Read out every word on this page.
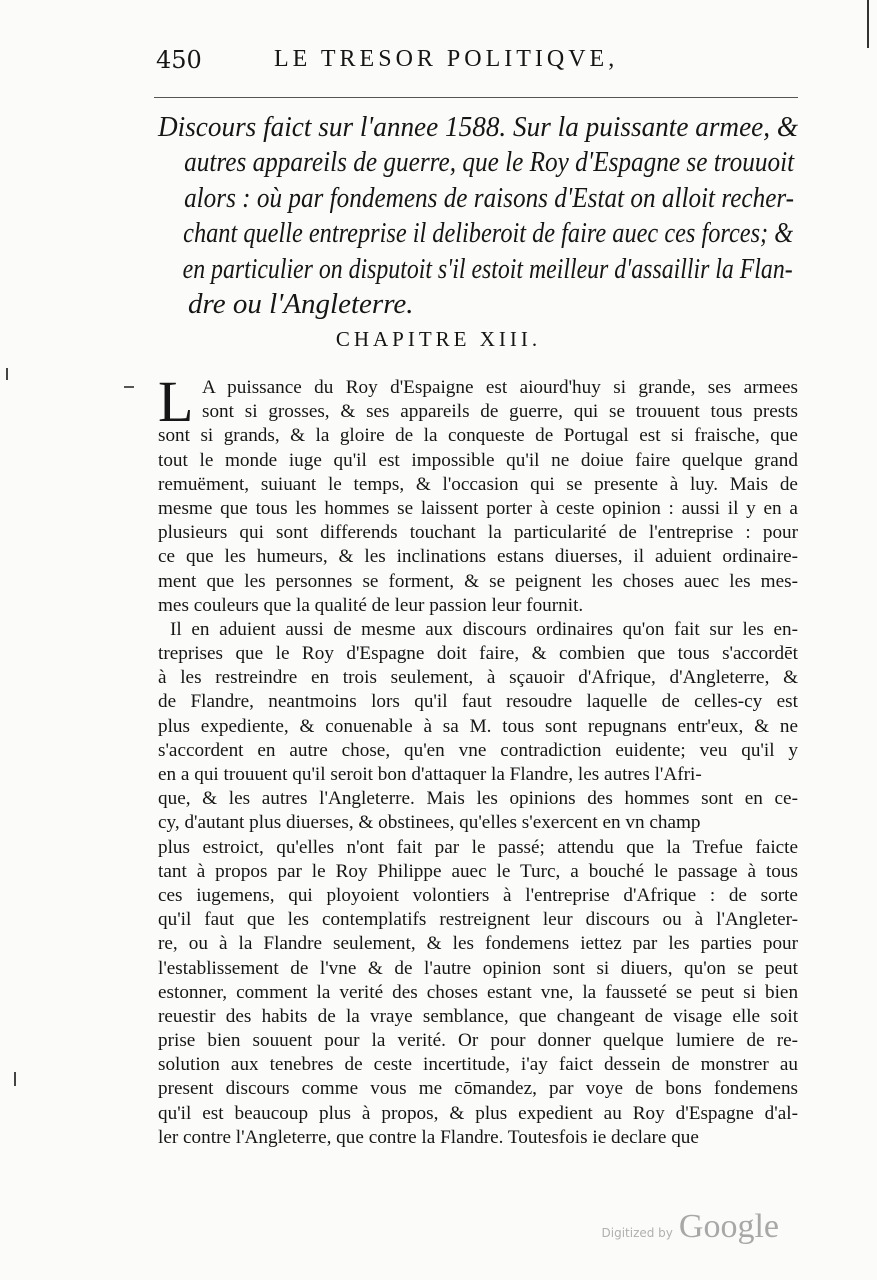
450	LE TRESOR POLITIQVE,
Discours faict sur l'annee 1588. Sur la puissante armee, &
autres appareils de guerre, que le Roy d'Espagne se trouuoit
alors : où par fondemens de raisons d'Estat on alloit recher-
chant quelle entreprise il deliberoit de faire auec ces forces; &
en particulier on disputoit s'il estoit meilleur d'assaillir la Flan-
dre ou l'Angleterre.
CHAPITRE XIII.
L A puissance du Roy d'Espaigne est aiourd'huy si grande, ses armees
sont si grosses, & ses appareils de guerre, qui se trouuent tous prests
sont si grands, & la gloire de la conqueste de Portugal est si fraische, que
tout le monde iuge qu'il est impossible qu'il ne doiue faire quelque grand
remuëment, suiuant le temps, & l'occasion qui se presente à luy. Mais de
mesme que tous les hommes se laissent porter à ceste opinion : aussi il y en a
plusieurs qui sont differends touchant la particularité de l'entreprise : pour
ce que les humeurs, & les inclinations estans diuerses, il aduient ordinaire-
ment que les personnes se forment, & se peignent les choses auec les mes-
mes couleurs que la qualité de leur passion leur fournit.
Il en aduient aussi de mesme aux discours ordinaires qu'on fait sur les en-
treprises que le Roy d'Espagne doit faire, & combien que tous s'accordēt
à les restreindre en trois seulement, à sçauoir d'Afrique, d'Angleterre, &
de Flandre, neantmoins lors qu'il faut resoudre laquelle de celles-cy est
plus expediente, & conuenable à sa M. tous sont repugnans entr'eux, & ne
s'accordent en autre chose, qu'en vne contradiction euidente; veu qu'il y
en a qui trouuent qu'il seroit bon d'attaquer la Flandre, les autres l'Afri-
que, & les autres l'Angleterre. Mais les opinions des hommes sont en ce-
cy, d'autant plus diuerses, & obstinees, qu'elles s'exercent en vn champ
plus estroict, qu'elles n'ont fait par le passé; attendu que la Trefue faicte
tant à propos par le Roy Philippe auec le Turc, a bouché le passage à tous
ces iugemens, qui ployoient volontiers à l'entreprise d'Afrique : de sorte
qu'il faut que les contemplatifs restreignent leur discours ou à l'Angleter-
re, ou à la Flandre seulement, & les fondemens iettez par les parties pour
l'establissement de l'vne & de l'autre opinion sont si diuers, qu'on se peut
estonner, comment la verité des choses estant vne, la fausseté se peut si bien
reuestir des habits de la vraye semblance, que changeant de visage elle soit
prise bien souuent pour la verité. Or pour donner quelque lumiere de re-
solution aux tenebres de ceste incertitude, i'ay faict dessein de monstrer au
present discours comme vous me cōmandez, par voye de bons fondemens
qu'il est beaucoup plus à propos, & plus expedient au Roy d'Espagne d'al-
ler contre l'Angleterre, que contre la Flandre. Toutesfois ie declare que
Digitized by Google
